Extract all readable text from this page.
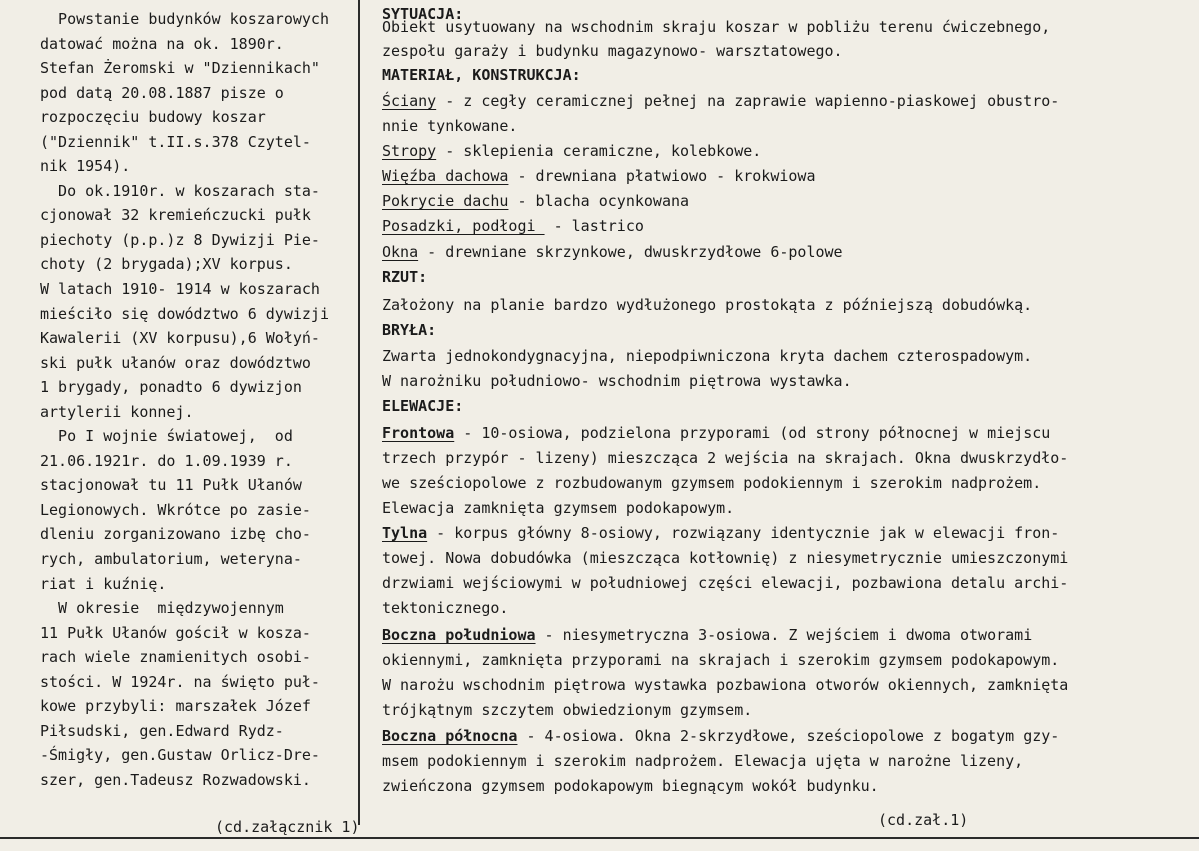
Powstanie budynków koszarowych
datować można na ok. 1890r.
Stefan Żeromski w "Dziennikach"
pod datą 20.08.1887 pisze o
rozpoczęciu budowy koszar
("Dziennik" t.II.s.378 Czytel-
nik 1954).
Do ok.1910r. w koszarach sta-
cjonował 32 kremieńczucki pułk
piechoty (p.p.)z 8 Dywizji Pie-
choty (2 brygada);XV korpus.
W latach 1910- 1914 w koszarach
mieściło się dowództwo 6 dywizji
Kawalerii (XV korpusu),6 Wołyń-
ski pułk ułanów oraz dowództwo
1 brygady, ponadto 6 dywizjon
artylerii konnej.
Po I wojnie światowej,  od
21.06.1921r. do 1.09.1939 r.
stacjonował tu 11 Pułk Ułanów
Legionowych. Wkrótce po zasie-
dleniu zorganizowano izbę cho-
rych, ambulatorium, weteryna-
riat i kuźnię.
W okresie  międzywojennym
11 Pułk Ułanów gościł w kosza-
rach wiele znamienitych osobi-
stości. W 1924r. na święto puł-
kowe przybyli: marszałek Józef
Piłsudski, gen.Edward Rydz-
-Śmigły, gen.Gustaw Orlicz-Dre-
szer, gen.Tadeusz Rozwadowski.
(cd.załącznik 1)
SYTUACJA:
Obiekt usytuowany na wschodnim skraju koszar w pobliżu terenu ćwiczebnego,
zespołu garaży i budynku magazynowo- warsztatowego.
MATERIAŁ, KONSTRUKCJA:
Ściany - z cegły ceramicznej pełnej na zaprawie wapienno-piaskowej obustro-
nnie tynkowane.
Stropy - sklepienia ceramiczne, kolebkowe.
Więźba dachowa - drewniana płatwiowo - krokwiowa
Pokrycie dachu - blacha ocynkowana
Posadzki, podłogi  - lastrico
Okna - drewniane skrzynkowe, dwuskrzydłowe 6-polowe
RZUT:
Założony na planie bardzo wydłużonego prostokąta z późniejszą dobudówką.
BRYŁA:
Zwarta jednokondygnacyjna, niepodpiwniczona kryta dachem czterospadowym.
W narożniku południowo- wschodnim piętrowa wystawka.
ELEWACJE:
Frontowa - 10-osiowa, podzielona przyporami (od strony północnej w miejscu
trzech przypór - lizeny) mieszcząca 2 wejścia na skrajach. Okna dwuskrzydło-
we sześciopolowe z rozbudowanym gzymsem podokiennym i szerokim nadprożem.
Elewacja zamknięta gzymsem podokapowym.
Tylna - korpus główny 8-osiowy, rozwiązany identycznie jak w elewacji fron-
towej. Nowa dobudówka (mieszcząca kotłownię) z niesymetrycznie umieszczonymi
drzwiami wejściowymi w południowej części elewacji, pozbawiona detalu archi-
tektonicznego.
Boczna południowa - niesymetryczna 3-osiowa. Z wejściem i dwoma otworami
okiennymi, zamknięta przyporami na skrajach i szerokim gzymsem podokapowym.
W narożu wschodnim piętrowa wystawka pozbawiona otworów okiennych, zamknięta
trójkątnym szczytem obwiedzionym gzymsem.
Boczna północna - 4-osiowa. Okna 2-skrzydłowe, sześciopolowe z bogatym gzy-
msem podokiennym i szerokim nadprożem. Elewacja ujęta w narożne lizeny,
zwieńczona gzymsem podokapowym biegnącym wokół budynku.
(cd.zał.1)
